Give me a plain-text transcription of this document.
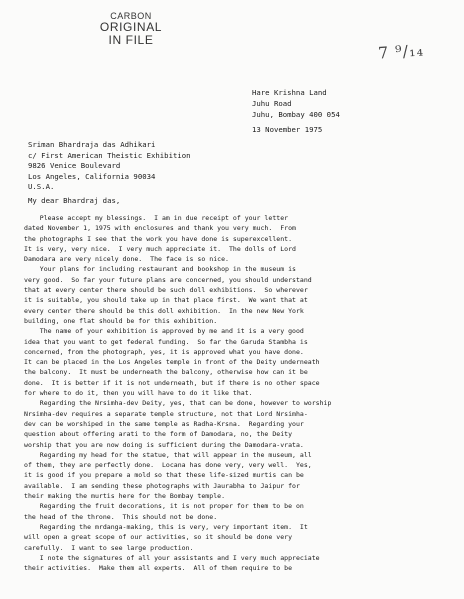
CARBON
ORIGINAL
IN FILE
7 ⁹/₁₄
Hare Krishna Land
Juhu Road
Juhu, Bombay 400 054
13 November 1975
Sriman Bhardraja das Adhikari
c/ First American Theistic Exhibition
9826 Venice Boulevard
Los Angeles, California 90034
U.S.A.
My dear Bhardraj das,
Please accept my blessings.  I am in due receipt of your letter
dated November 1, 1975 with enclosures and thank you very much.  From
the photographs I see that the work you have done is superexcellent.
It is very, very nice.  I very much appreciate it.  The dolls of Lord
Damodara are very nicely done.  The face is so nice.
Your plans for including restaurant and bookshop in the museum is
very good.  So far your future plans are concerned, you should understand
that at every center there should be such doll exhibitions.  So wherever
it is suitable, you should take up in that place first.  We want that at
every center there should be this doll exhibition.  In the new New York
building, one flat should be for this exhibition.
The name of your exhibition is approved by me and it is a very good
idea that you want to get federal funding.  So far the Garuda Stambha is
concerned, from the photograph, yes, it is approved what you have done.
It can be placed in the Los Angeles temple in front of the Deity underneath
the balcony.  It must be underneath the balcony, otherwise how can it be
done.  It is better if it is not underneath, but if there is no other space
for where to do it, then you will have to do it like that.
Regarding the Nrsimha-dev Deity, yes, that can be done, however to worship
Nrsimha-dev requires a separate temple structure, not that Lord Nrsimha-
dev can be worshiped in the same temple as Radha-Krsna.  Regarding your
question about offering arati to the form of Damodara, no, the Deity
worship that you are now doing is sufficient during the Damodara-vrata.
Regarding my head for the statue, that will appear in the museum, all
of them, they are perfectly done.  Locana has done very, very well.  Yes,
it is good if you prepare a mold so that these life-sized murtis can be
available.  I am sending these photographs with Jaurabha to Jaipur for
their making the murtis here for the Bombay temple.
Regarding the fruit decorations, it is not proper for them to be on
the head of the throne.  This should not be done.
Regarding the mrdanga-making, this is very, very important item.  It
will open a great scope of our activities, so it should be done very
carefully.  I want to see large production.
I note the signatures of all your assistants and I very much appreciate
their activities.  Make them all experts.  All of them require to be
